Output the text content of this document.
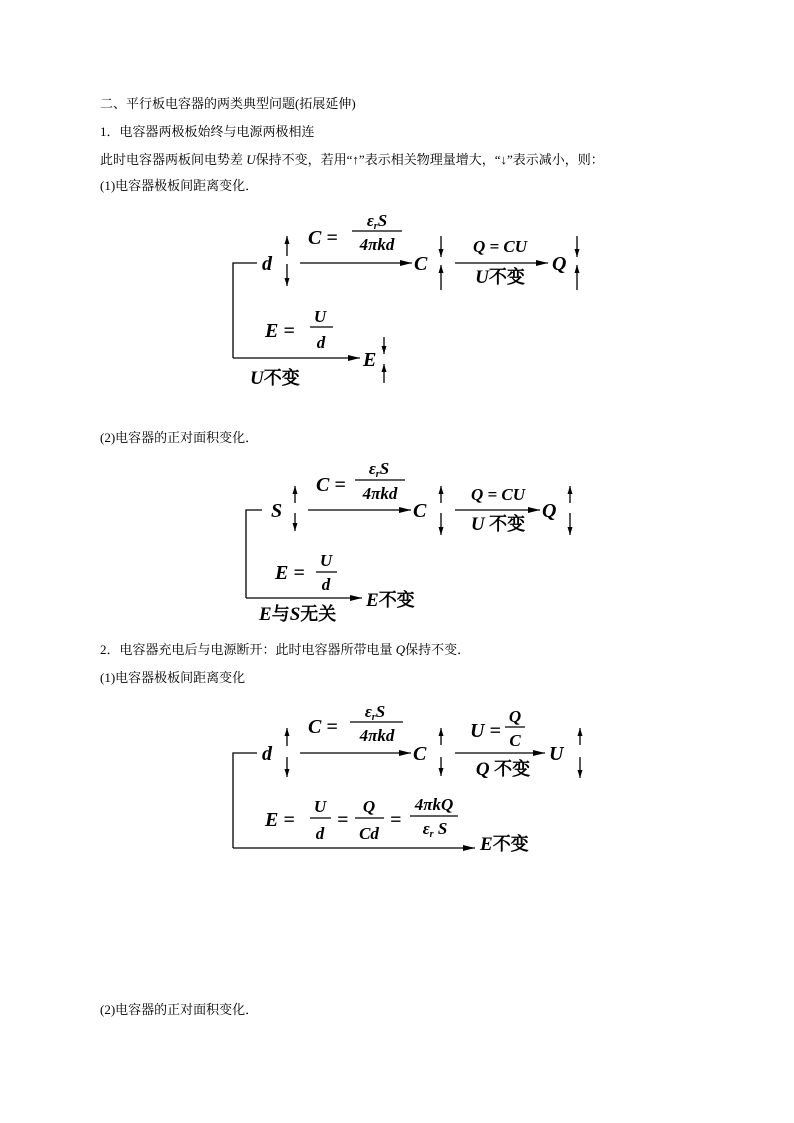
二、平行板电容器的两类典型问题(拓展延伸)
1．电容器两极板始终与电源两极相连
此时电容器两板间电势差 U保持不变，若用“↑”表示相关物理量增大，“↓”表示减小，则：
(1)电容器极板间距离变化．
d
C =
εrS
4πkd
C
Q = CU
U不变
Q
E =
U
d
E
U不变
(2)电容器的正对面积变化．
S
C =
εrS
4πkd
C
Q = CU
U 不变
Q
E =
U
d
E不变
E与S无关
2．电容器充电后与电源断开：此时电容器所带电量 Q保持不变．
(1)电容器极板间距离变化
d
C =
εrS
4πkd
C
U =
Q
C
Q 不变
U
E =
U
d
=
Q
Cd
=
4πkQ
εr S
E不变
(2)电容器的正对面积变化．
